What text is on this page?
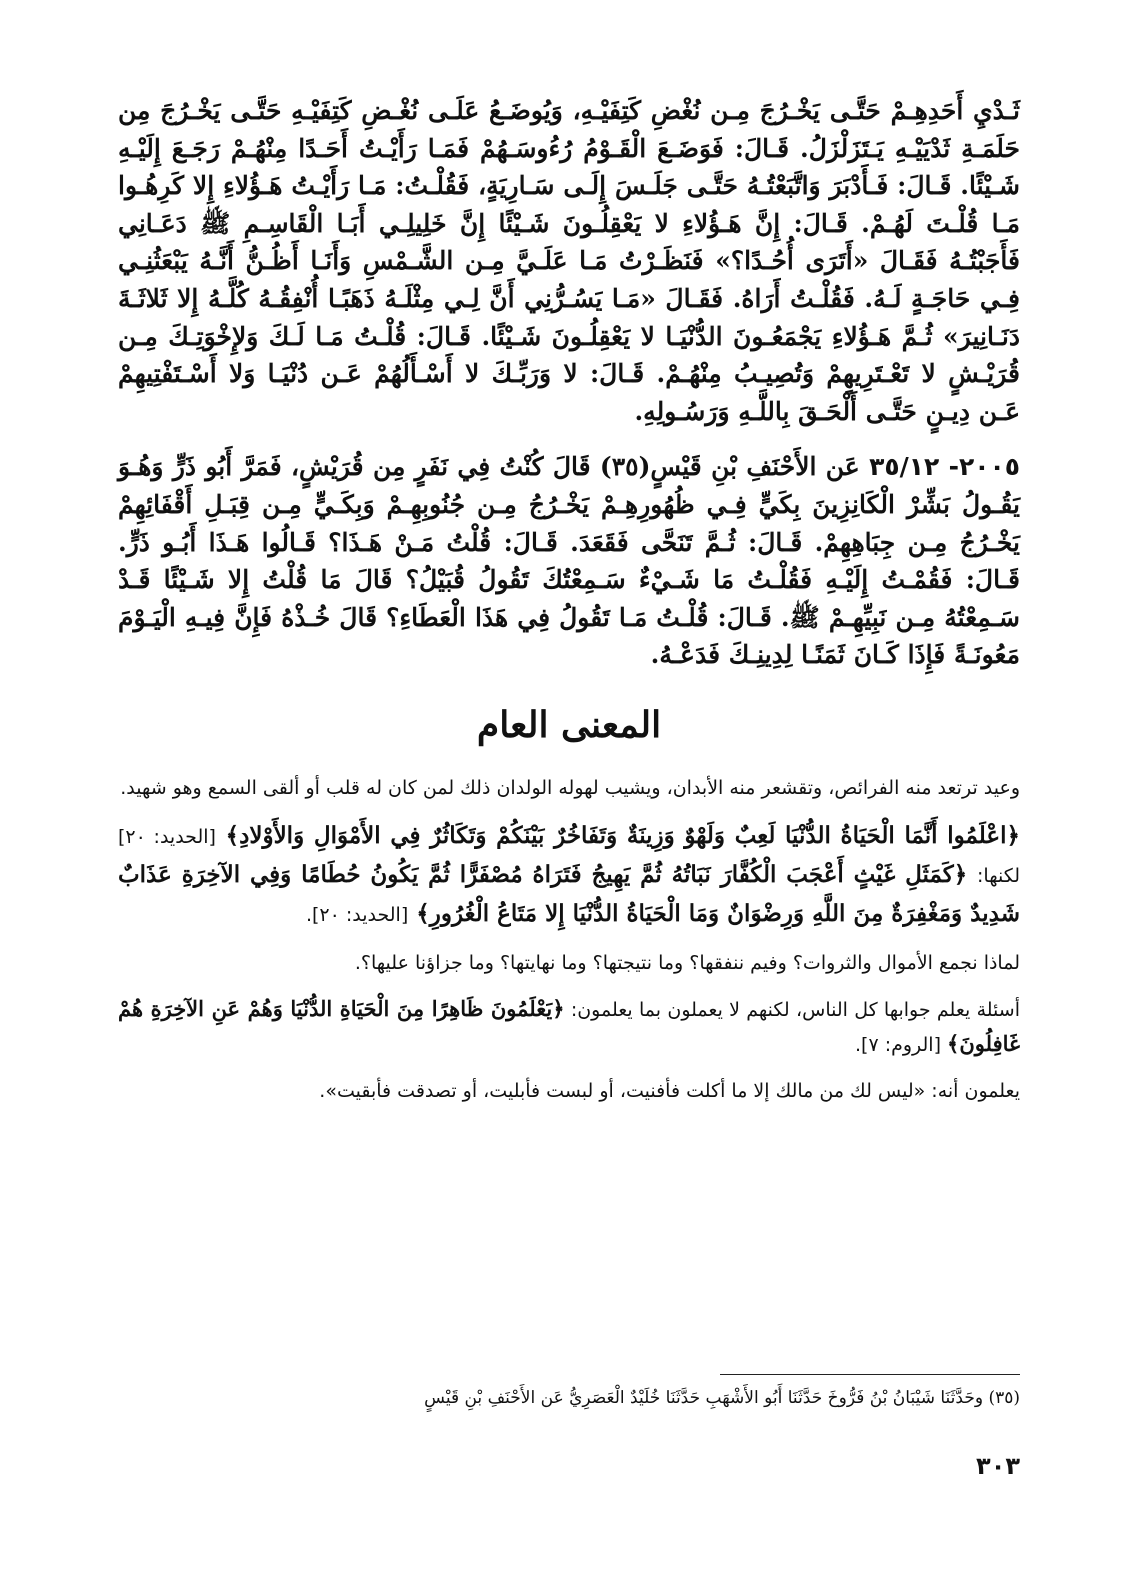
ثَـدْيِ أَحَدِهِـمْ حَتَّـى يَخْـرُجَ مِـن نُغْضِ كَتِفَيْـهِ، وَيُوضَـعُ عَلَـى نُغْـضِ كَتِفَيْـهِ حَتَّـى يَخْـرُجَ مِن حَلَمَـةِ ثَدْيَيْـهِ يَـتَزَلْزَلُ. قَـالَ: فَوَضَـعَ الْقَـوْمُ رُءُوسَـهُمْ فَمَـا رَأَيْـتُ أَحَـدًا مِنْهُـمْ رَجَـعَ إِلَيْـهِ شَـيْئًا. قَـالَ: فَـأَدْبَرَ وَاتَّبَعْتُـهُ حَتَّـى جَلَـسَ إِلَـى سَـارِيَةٍ، فَقُلْـتُ: مَـا رَأَيْـتُ هَـؤُلاءِ إِلا كَرِهُـوا مَـا قُلْـتَ لَهُـمْ. قَـالَ: إِنَّ هَـؤُلاءِ لا يَعْقِلُـونَ شَـيْئًا إِنَّ خَلِيلِـي أَبَـا الْقَاسِـمِ ﷺ دَعَـانِي فَأَجَبْتُـهُ فَقَـالَ «أَتَرَى أُحُـدًا؟» فَنَظَـرْتُ مَـا عَلَـيَّ مِـن الشَّـمْسِ وَأَنَـا أَظُـنُّ أَنَّـهُ يَبْعَثُنِـي فِـي حَاجَـةٍ لَـهُ. فَقُلْـتُ أَرَاهُ. فَقَـالَ «مَـا يَسُـرُّنِي أَنَّ لِـي مِثْلَـهُ ذَهَبًـا أُنْفِقُـهُ كُلَّـهُ إِلا ثَلاثَـةَ دَنَـانِيرَ» ثُـمَّ هَـؤُلاءِ يَجْمَعُـونَ الدُّنْيَـا لا يَعْقِلُـونَ شَـيْئًا. قَـالَ: قُلْـتُ مَـا لَـكَ وَلإِخْوَتِـكَ مِـن قُرَيْـشٍ لا تَعْـتَرِيهِمْ وَتُصِيـبُ مِنْهُـمْ. قَـالَ: لا وَرَبِّـكَ لا أَسْـأَلُهُمْ عَـن دُنْيَـا وَلا أَسْـتَفْتِيهِمْ عَـن دِيـنٍ حَتَّـى أَلْحَـقَ بِاللَّـهِ وَرَسُـولِهِ.

٢٠٠٥- ٣٥/١٢ عَن الأَحْنَفِ بْنِ قَيْسٍ(٣٥) قَالَ كُنْتُ فِي نَفَرٍ مِن قُرَيْشٍ، فَمَرَّ أَبُو ذَرٍّ وَهُـوَ يَقُـولُ بَشِّرْ الْكَانِزِينَ بِكَيٍّ فِـي ظُهُورِهِـمْ يَخْـرُجُ مِـن جُنُوبِهِـمْ وَبِكَـيٍّ مِـن قِبَـلِ أَقْفَائِهِمْ يَخْـرُجُ مِـن جِبَاهِهِمْ. قَـالَ: ثُـمَّ تَنَحَّى فَقَعَدَ. قَـالَ: قُلْتُ مَـنْ هَـذَا؟ قَـالُوا هَـذَا أَبُـو ذَرٍّ. قَـالَ: فَقُمْـتُ إِلَيْـهِ فَقُلْـتُ مَا شَـيْءٌ سَـمِعْتُكَ تَقُولُ قُبَيْلُ؟ قَالَ مَا قُلْتُ إِلا شَـيْئًا قَـدْ سَـمِعْتُهُ مِـن نَبِيِّهِـمْ ﷺ. قَـالَ: قُلْـتُ مَـا تَقُولُ فِي هَذَا الْعَطَاءِ؟ قَالَ خُـذْهُ فَإِنَّ فِيـهِ الْيَـوْمَ مَعُونَـةً فَإِذَا كَـانَ ثَمَنًـا لِدِينِـكَ فَدَعْـهُ.

المعنى العام

وعيد ترتعد منه الفرائص، وتقشعر منه الأبدان، ويشيب لهوله الولدان ذلك لمن كان له قلب أو ألقى السمع وهو شهيد.

﴿اعْلَمُوا أَنَّمَا الْحَيَاةُ الدُّنْيَا لَعِبٌ وَلَهْوٌ وَزِينَةٌ وَتَفَاخُرٌ بَيْنَكُمْ وَتَكَاثُرٌ فِي الأَمْوَالِ وَالأَوْلادِ﴾ [الحديد: ٢٠] لكنها: ﴿كَمَثَلِ غَيْثٍ أَعْجَبَ الْكُفَّارَ نَبَاتُهُ ثُمَّ يَهِيجُ فَتَرَاهُ مُصْفَرًّا ثُمَّ يَكُونُ حُطَامًا وَفِي الآخِرَةِ عَذَابٌ شَدِيدٌ وَمَغْفِرَةٌ مِنَ اللَّهِ وَرِضْوَانٌ وَمَا الْحَيَاةُ الدُّنْيَا إِلا مَتَاعُ الْغُرُورِ﴾ [الحديد: ٢٠].

لماذا نجمع الأموال والثروات؟ وفيم ننفقها؟ وما نتيجتها؟ وما نهايتها؟ وما جزاؤنا عليها؟.

أسئلة يعلم جوابها كل الناس، لكنهم لا يعملون بما يعلمون: ﴿يَعْلَمُونَ ظَاهِرًا مِنَ الْحَيَاةِ الدُّنْيَا وَهُمْ عَنِ الآخِرَةِ هُمْ غَافِلُونَ﴾ [الروم: ٧].

يعلمون أنه: «ليس لك من مالك إلا ما أكلت فأفنيت، أو لبست فأبليت، أو تصدقت فأبقيت».

(٣٥) وحَدَّثَنَا شَيْبَانُ بْنُ فَرُّوخَ حَدَّثَنَا أَبُو الأَشْهَبِ حَدَّثَنَا خُلَيْدٌ الْعَصَرِيُّ عَن الأَحْنَفِ بْنِ قَيْسٍ

٣٠٣
